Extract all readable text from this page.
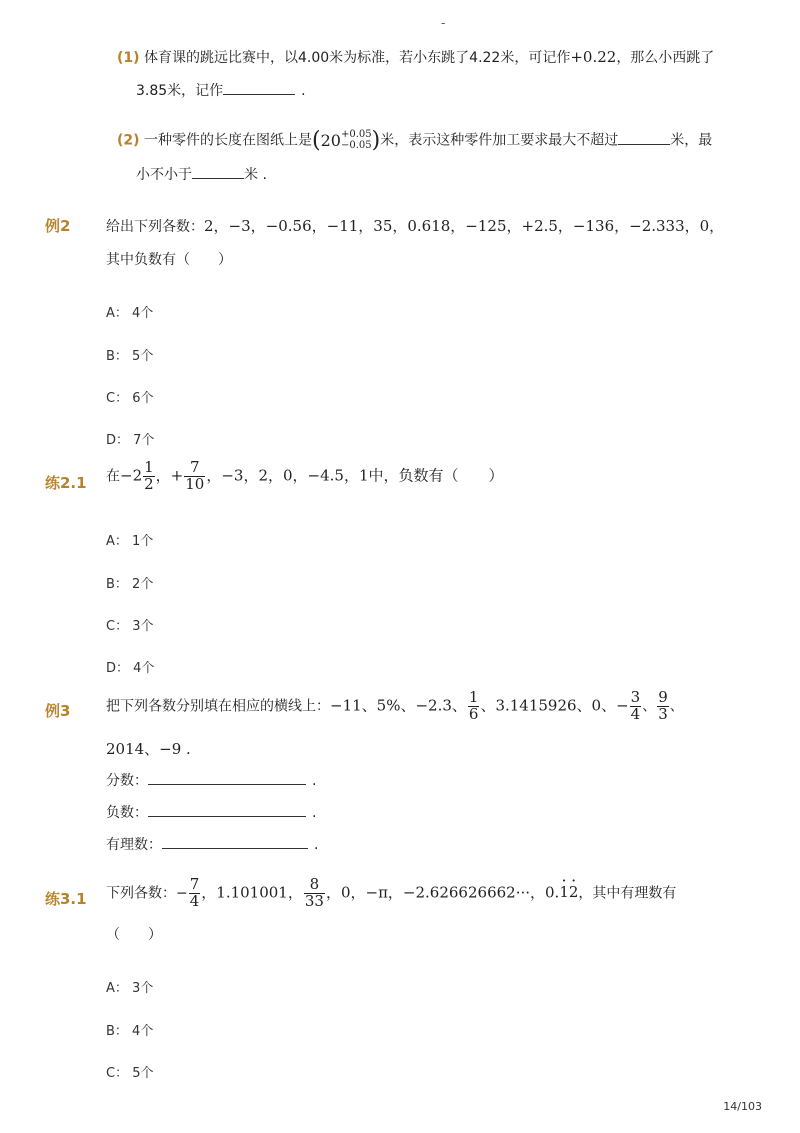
-
(1) 体育课的跳远比赛中，以4.00米为标准，若小东跳了4.22米，可记作+0.22，那么小西跳了
3.85米，记作	.
(2) 一种零件的长度在图纸上是(20 +0.05
−0.05 )米，表示这种零件加工要求最大不超过	米，最
小不小于	米 .
例2	给出下列各数：2，−3，−0.56，−11，35，0.618，−125，+2.5，−136，−2.333，0，
其中负数有（　　）
A： 4个
B： 5个
C： 6个
D： 7个
练2.1 在$-2 \frac{1}{2}$ ，+ $\frac{7}{10}$ ，−3，2，0，−4.5，1中，负数有（　　）
A： 1个
B： 2个
C： 3个
D： 4个
例3	把下列各数分别填在相应的横线上：−11、5%、−2.3、 $\frac{1}{6}$ 、3.1415926、0、− $\frac{3}{4}$ 、 $\frac{9}{3}$ 、
2014、−9 .
分数：	.
负数：	.
有理数：	.
练3.1 下列各数：− $\frac{7}{4}$ ，1.101001， $\frac{8}{33}$ ，0，−π，−2.626626662···，0.1 ·2 ·，其中有理数有
（　　）
A： 3个
B： 4个
C： 5个
14/103
